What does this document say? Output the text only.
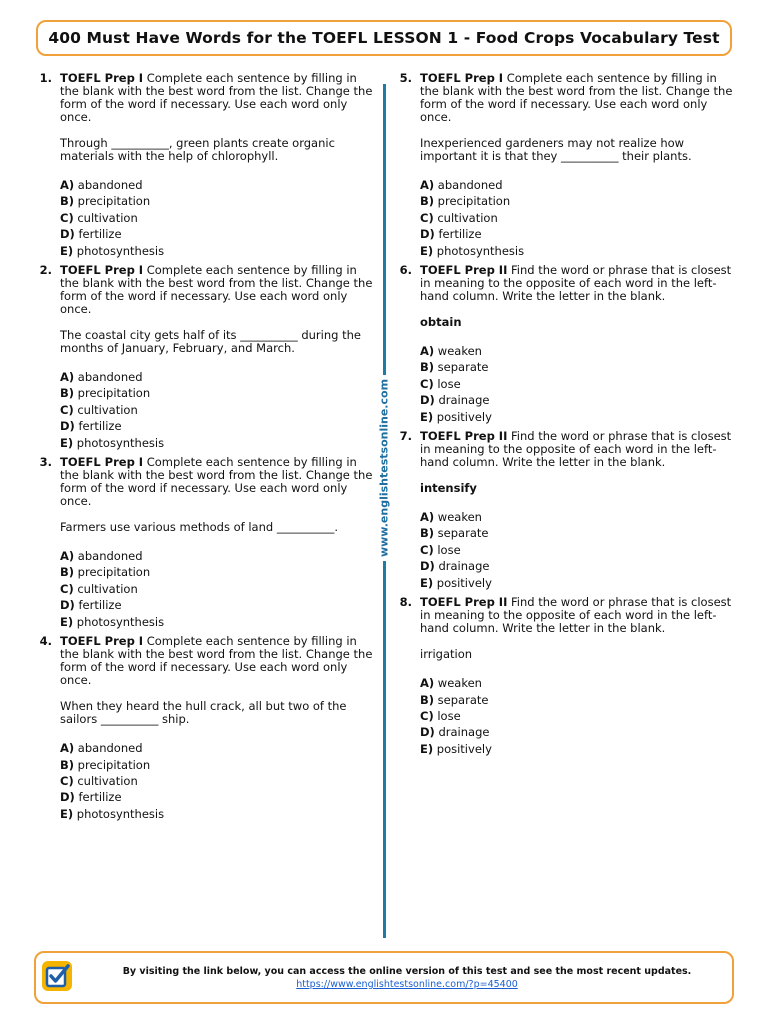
400 Must Have Words for the TOEFL LESSON 1 - Food Crops Vocabulary Test
www.englishtestsonline.com
1. TOEFL Prep I Complete each sentence by filling in the blank with the best word from the list. Change the form of the word if necessary. Use each word only once.

Through __________, green plants create organic materials with the help of chlorophyll.

A) abandoned
B) precipitation
C) cultivation
D) fertilize
E) photosynthesis
2. TOEFL Prep I Complete each sentence by filling in the blank with the best word from the list. Change the form of the word if necessary. Use each word only once.

The coastal city gets half of its __________ during the months of January, February, and March.

A) abandoned
B) precipitation
C) cultivation
D) fertilize
E) photosynthesis
3. TOEFL Prep I Complete each sentence by filling in the blank with the best word from the list. Change the form of the word if necessary. Use each word only once.

Farmers use various methods of land __________.

A) abandoned
B) precipitation
C) cultivation
D) fertilize
E) photosynthesis
4. TOEFL Prep I Complete each sentence by filling in the blank with the best word from the list. Change the form of the word if necessary. Use each word only once.

When they heard the hull crack, all but two of the sailors __________ ship.

A) abandoned
B) precipitation
C) cultivation
D) fertilize
E) photosynthesis
5. TOEFL Prep I Complete each sentence by filling in the blank with the best word from the list. Change the form of the word if necessary. Use each word only once.

Inexperienced gardeners may not realize how important it is that they __________ their plants.

A) abandoned
B) precipitation
C) cultivation
D) fertilize
E) photosynthesis
6. TOEFL Prep II Find the word or phrase that is closest in meaning to the opposite of each word in the left-hand column. Write the letter in the blank.

obtain

A) weaken
B) separate
C) lose
D) drainage
E) positively
7. TOEFL Prep II Find the word or phrase that is closest in meaning to the opposite of each word in the left-hand column. Write the letter in the blank.

intensify

A) weaken
B) separate
C) lose
D) drainage
E) positively
8. TOEFL Prep II Find the word or phrase that is closest in meaning to the opposite of each word in the left-hand column. Write the letter in the blank.

irrigation

A) weaken
B) separate
C) lose
D) drainage
E) positively
By visiting the link below, you can access the online version of this test and see the most recent updates.
https://www.englishtestsonline.com/?p=45400
